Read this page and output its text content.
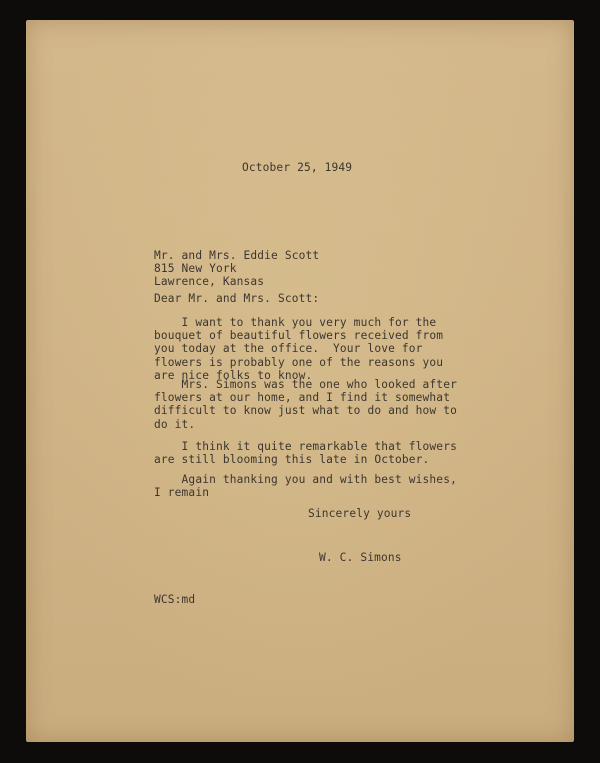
October 25, 1949
Mr. and Mrs. Eddie Scott
815 New York
Lawrence, Kansas
Dear Mr. and Mrs. Scott:
I want to thank you very much for the
bouquet of beautiful flowers received from
you today at the office.  Your love for
flowers is probably one of the reasons you
are nice folks to know.
Mrs. Simons was the one who looked after
flowers at our home, and I find it somewhat
difficult to know just what to do and how to
do it.
I think it quite remarkable that flowers
are still blooming this late in October.
Again thanking you and with best wishes,
I remain
Sincerely yours
W. C. Simons
WCS:md
